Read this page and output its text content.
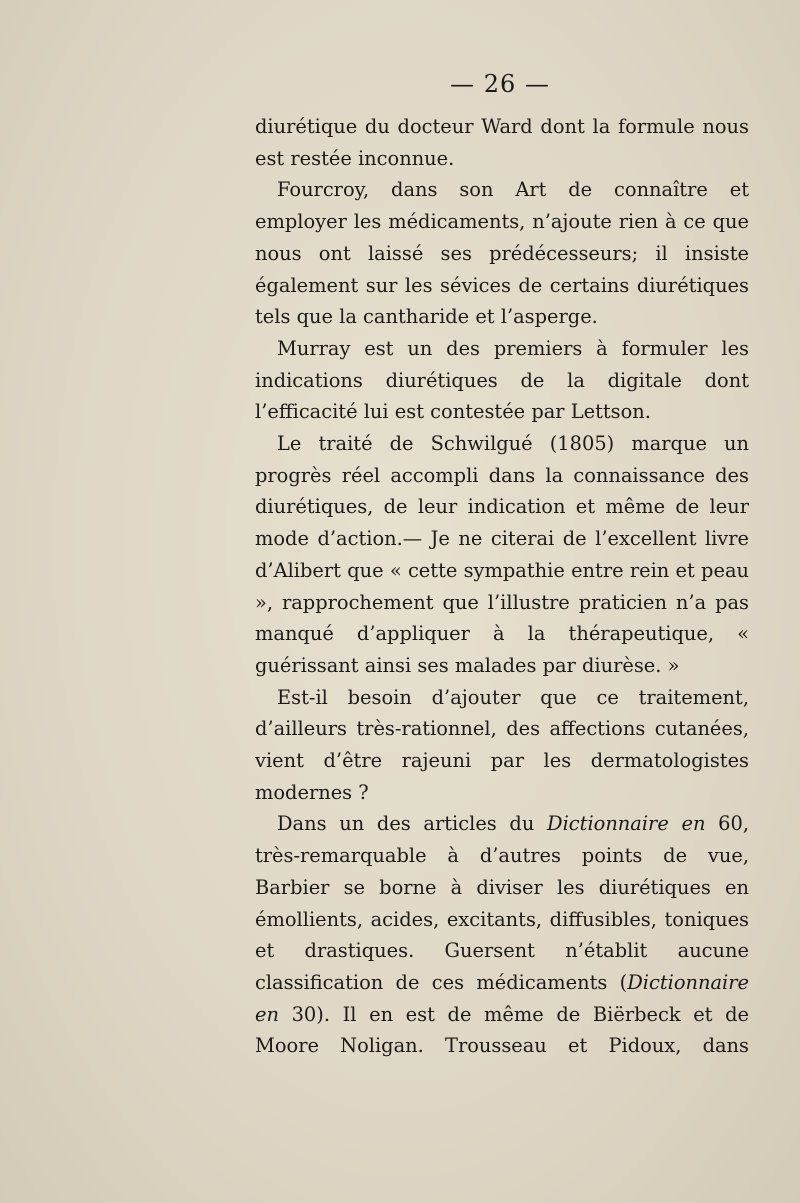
— 26 —

diurétique du docteur Ward dont la formule nous est restée inconnue.

Fourcroy, dans son Art de connaître et employer les médicaments, n’ajoute rien à ce que nous ont laissé ses prédécesseurs; il insiste également sur les sévices de certains diurétiques tels que la cantharide et l’asperge.

Murray est un des premiers à formuler les indications diurétiques de la digitale dont l’efficacité lui est contestée par Lettson.

Le traité de Schwilgué (1805) marque un progrès réel accompli dans la connaissance des diurétiques, de leur indication et même de leur mode d’action.— Je ne citerai de l’excellent livre d’Alibert que « cette sympathie entre rein et peau », rapprochement que l’illustre praticien n’a pas manqué d’appliquer à la thérapeutique, « guérissant ainsi ses malades par diurèse. »

Est-il besoin d’ajouter que ce traitement, d’ailleurs très-rationnel, des affections cutanées, vient d’être rajeuni par les dermatologistes modernes ?

Dans un des articles du Dictionnaire en 60, très-remarquable à d’autres points de vue, Barbier se borne à diviser les diurétiques en émollients, acides, excitants, diffusibles, toniques et drastiques. Guersent n’établit aucune classification de ces médicaments (Dictionnaire en 30). Il en est de même de Biërbeck et de Moore Noligan. Trousseau et Pidoux, dans
